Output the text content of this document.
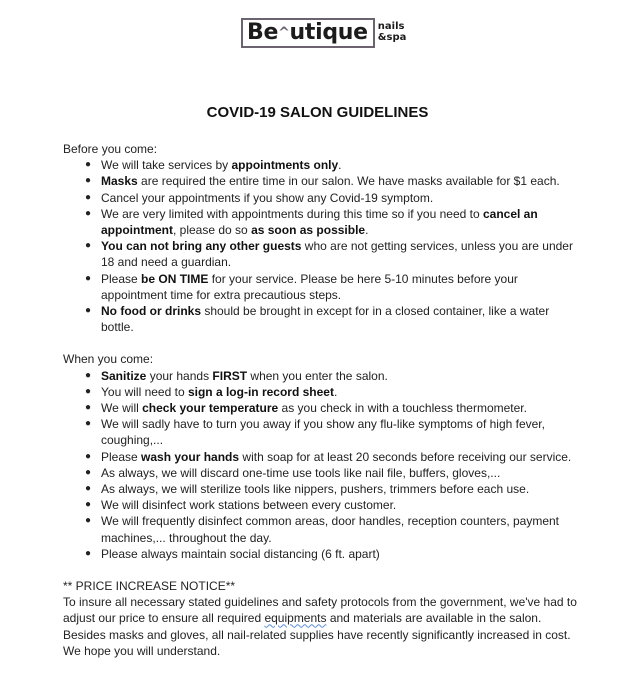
Be ^ utique nails
&spa
COVID-19 SALON GUIDELINES
Before you come:
● We will take services by appointments only.
● Masks are required the entire time in our salon. We have masks available for $1 each.
● Cancel your appointments if you show any Covid-19 symptom.
● We are very limited with appointments during this time so if you need to cancel an appointment, please do so as soon as possible.
● You can not bring any other guests who are not getting services, unless you are under 18 and need a guardian.
● Please be ON TIME for your service. Please be here 5-10 minutes before your appointment time for extra precautious steps.
● No food or drinks should be brought in except for in a closed container, like a water bottle.
When you come:
● Sanitize your hands FIRST when you enter the salon.
● You will need to sign a log-in record sheet.
● We will check your temperature as you check in with a touchless thermometer.
● We will sadly have to turn you away if you show any flu-like symptoms of high fever, coughing,...
● Please wash your hands with soap for at least 20 seconds before receiving our service.
● As always, we will discard one-time use tools like nail file, buffers, gloves,...
● As always, we will sterilize tools like nippers, pushers, trimmers before each use.
● We will disinfect work stations between every customer.
● We will frequently disinfect common areas, door handles, reception counters, payment machines,... throughout the day.
● Please always maintain social distancing (6 ft. apart)
** PRICE INCREASE NOTICE**
To insure all necessary stated guidelines and safety protocols from the government, we've had to adjust our price to ensure all required equipments and materials are available in the salon. Besides masks and gloves, all nail-related supplies have recently significantly increased in cost. We hope you will understand.
